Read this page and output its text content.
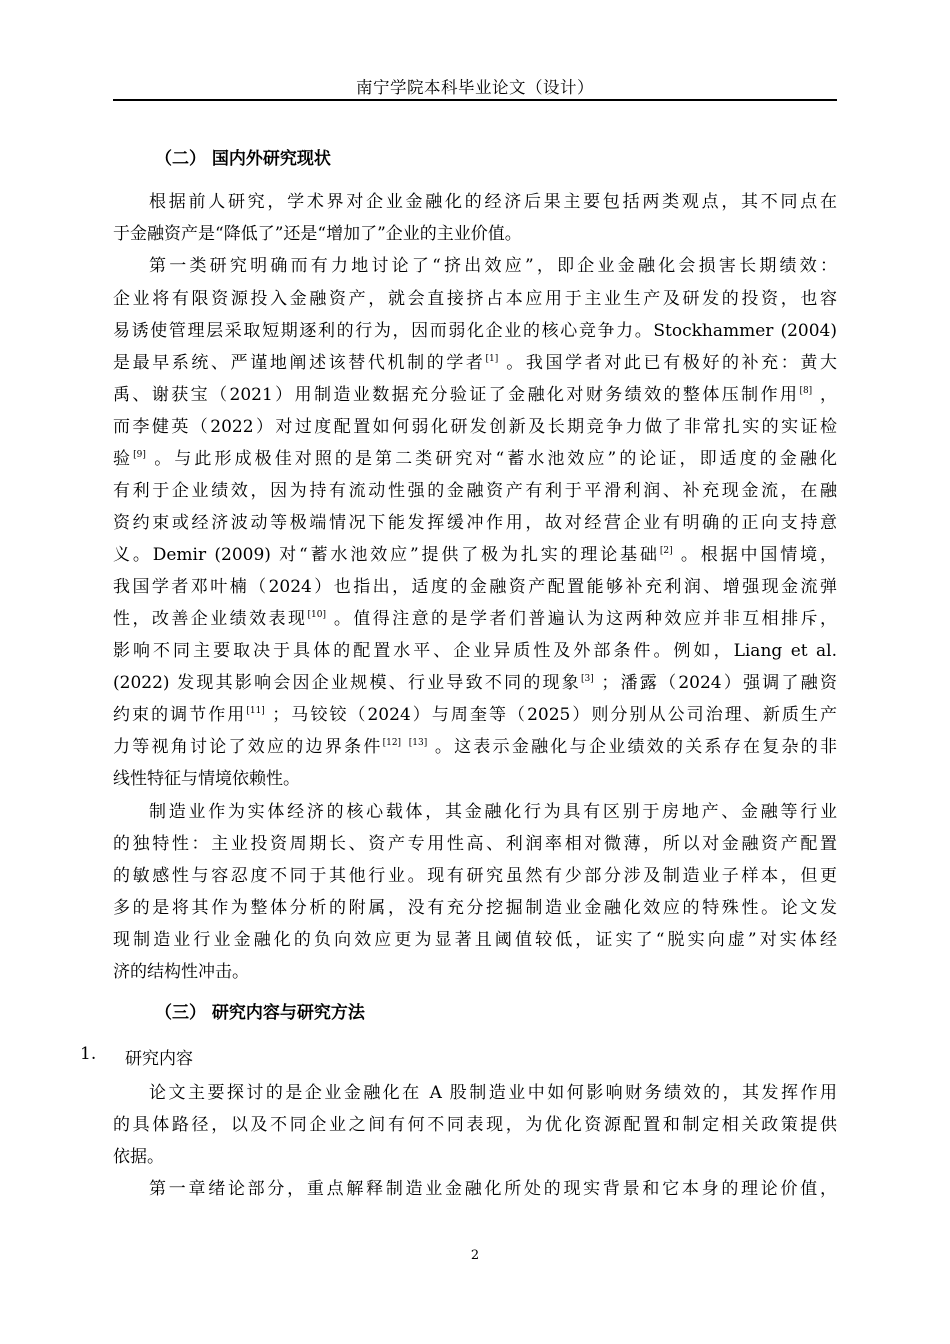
南宁学院本科毕业论文（设计）
（二） 国内外研究现状
根据前人研究，学术界对企业金融化的经济后果主要包括两类观点，其不同点在
于金融资产是“降低了”还是“增加了”企业的主业价值。
第一类研究明确而有力地讨论了“挤出效应”，即企业金融化会损害长期绩效：
企业将有限资源投入金融资产，就会直接挤占本应用于主业生产及研发的投资，也容
易诱使管理层采取短期逐利的行为，因而弱化企业的核心竞争力。Stockhammer (2004)
是最早系统、严谨地阐述该替代机制的学者[1] 。我国学者对此已有极好的补充：黄大
禹、谢获宝（2021）用制造业数据充分验证了金融化对财务绩效的整体压制作用[8] ，
而李健英（2022）对过度配置如何弱化研发创新及长期竞争力做了非常扎实的实证检
验[9] 。与此形成极佳对照的是第二类研究对“蓄水池效应”的论证，即适度的金融化
有利于企业绩效，因为持有流动性强的金融资产有利于平滑利润、补充现金流，在融
资约束或经济波动等极端情况下能发挥缓冲作用，故对经营企业有明确的正向支持意
义。Demir (2009) 对“蓄水池效应”提供了极为扎实的理论基础[2] 。根据中国情境，
我国学者邓叶楠（2024）也指出，适度的金融资产配置能够补充利润、增强现金流弹
性，改善企业绩效表现[10] 。值得注意的是学者们普遍认为这两种效应并非互相排斥，
影响不同主要取决于具体的配置水平、企业异质性及外部条件。例如，Liang et al.
(2022) 发现其影响会因企业规模、行业导致不同的现象[3] ；潘露（2024）强调了融资
约束的调节作用[11] ；马铰铰（2024）与周奎等（2025）则分别从公司治理、新质生产
力等视角讨论了效应的边界条件[12] [13] 。这表示金融化与企业绩效的关系存在复杂的非
线性特征与情境依赖性。
制造业作为实体经济的核心载体，其金融化行为具有区别于房地产、金融等行业
的独特性：主业投资周期长、资产专用性高、利润率相对微薄，所以对金融资产配置
的敏感性与容忍度不同于其他行业。现有研究虽然有少部分涉及制造业子样本，但更
多的是将其作为整体分析的附属，没有充分挖掘制造业金融化效应的特殊性。论文发
现制造业行业金融化的负向效应更为显著且阈值较低，证实了“脱实向虚”对实体经
济的结构性冲击。
（三） 研究内容与研究方法
1. 研究内容
论文主要探讨的是企业金融化在 A 股制造业中如何影响财务绩效的，其发挥作用
的具体路径，以及不同企业之间有何不同表现，为优化资源配置和制定相关政策提供
依据。
第一章绪论部分，重点解释制造业金融化所处的现实背景和它本身的理论价值，
2
